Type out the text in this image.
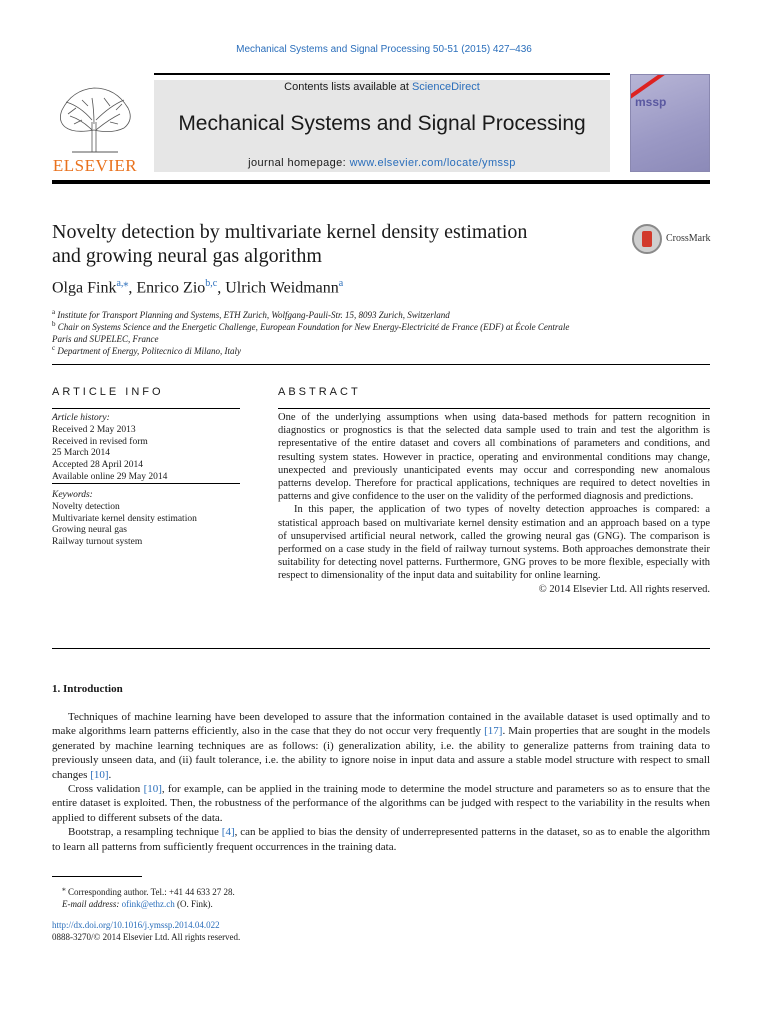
Mechanical Systems and Signal Processing 50-51 (2015) 427–436
ELSEVIER
Contents lists available at ScienceDirect
Mechanical Systems and Signal Processing
journal homepage: www.elsevier.com/locate/ymssp
mssp
Novelty detection by multivariate kernel density estimation
and growing neural gas algorithm
CrossMark
Olga Fink$^{a,⁎}$, Enrico Zio$^{b,c}$, Ulrich Weidmann$^a$
$^a$ Institute for Transport Planning and Systems, ETH Zurich, Wolfgang-Pauli-Str. 15, 8093 Zurich, Switzerland
$^b$ Chair on Systems Science and the Energetic Challenge, European Foundation for New Energy-Electricité de France (EDF) at École Centrale
Paris and SUPELEC, France
$^c$ Department of Energy, Politecnico di Milano, Italy
ARTICLE INFO	ABSTRACT
Article history:
Received 2 May 2013
Received in revised form
25 March 2014
Accepted 28 April 2014
Available online 29 May 2014
Keywords:
Novelty detection
Multivariate kernel density estimation
Growing neural gas
Railway turnout system

One of the underlying assumptions when using data-based methods for pattern recognition in diagnostics or prognostics is that the selected data sample used to train and test the algorithm is representative of the entire dataset and covers all combinations of parameters and conditions, and resulting system states. However in practice, operating and environmental conditions may change, unexpected and previously unanticipated events may occur and corresponding new anomalous patterns develop. Therefore for practical applications, techniques are required to detect novelties in patterns and give confidence to the user on the validity of the performed diagnosis and predictions.

In this paper, the application of two types of novelty detection approaches is compared: a statistical approach based on multivariate kernel density estimation and an approach based on a type of unsupervised artificial neural network, called the growing neural gas (GNG). The comparison is performed on a case study in the field of railway turnout systems. Both approaches demonstrate their suitability for detecting novel patterns. Furthermore, GNG proves to be more flexible, especially with respect to dimensionality of the input data and suitability for online learning.

© 2014 Elsevier Ltd. All rights reserved.
1. Introduction

Techniques of machine learning have been developed to assure that the information contained in the available dataset is used optimally and to make algorithms learn patterns efficiently, also in the case that they do not occur very frequently [17]. Main properties that are sought in the models generated by machine learning techniques are as follows: (i) generalization ability, i.e. the ability to generalize patterns from training data to previously unseen data, and (ii) fault tolerance, i.e. the ability to ignore noise in input data and assure a stable model structure with respect to small changes [10].

Cross validation [10], for example, can be applied in the training mode to determine the model structure and parameters so as to ensure that the entire dataset is exploited. Then, the robustness of the performance of the algorithms can be judged with respect to the variability in the results when applied to different subsets of the data.

Bootstrap, a resampling technique [4], can be applied to bias the density of underrepresented patterns in the dataset, so as to enable the algorithm to learn all patterns from sufficiently frequent occurrences in the training data.

⁎ Corresponding author. Tel.: +41 44 633 27 28.
E-mail address: ofink@ethz.ch (O. Fink).
http://dx.doi.org/10.1016/j.ymssp.2014.04.022
0888-3270/© 2014 Elsevier Ltd. All rights reserved.
